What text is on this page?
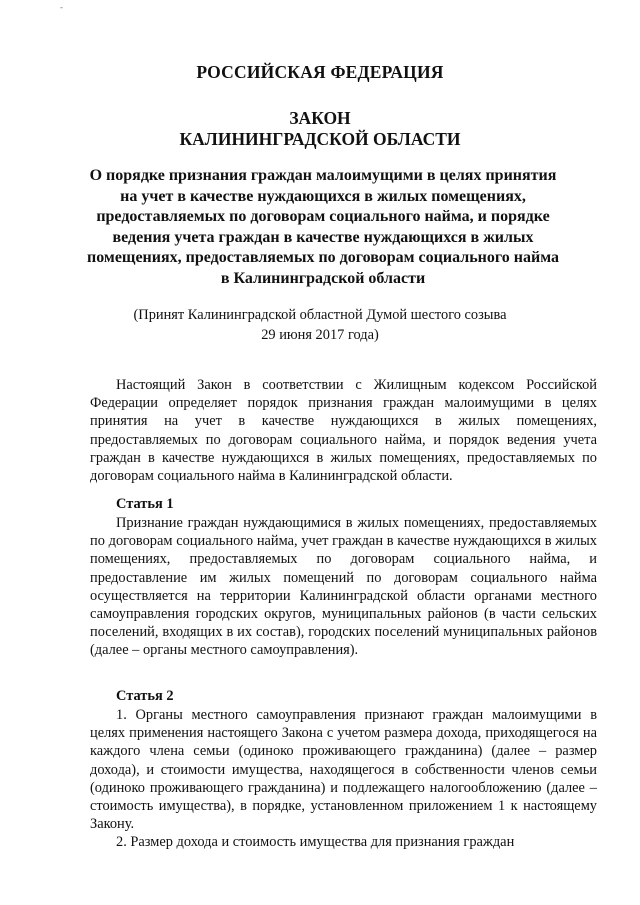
-
РОССИЙСКАЯ ФЕДЕРАЦИЯ
ЗАКОН
КАЛИНИНГРАДСКОЙ ОБЛАСТИ
О порядке признания граждан малоимущими в целях принятия на учет в качестве нуждающихся в жилых помещениях, предоставляемых по договорам социального найма, и порядке ведения учета граждан в качестве нуждающихся в жилых помещениях, предоставляемых по договорам социального найма в Калининградской области
(Принят Калининградской областной Думой шестого созыва
29 июня 2017 года)

Настоящий Закон в соответствии с Жилищным кодексом Российской Федерации определяет порядок признания граждан малоимущими в целях принятия на учет в качестве нуждающихся в жилых помещениях, предоставляемых по договорам социального найма, и порядок ведения учета граждан в качестве нуждающихся в жилых помещениях, предоставляемых по договорам социального найма в Калининградской области.

Статья 1

Признание граждан нуждающимися в жилых помещениях, предоставляемых по договорам социального найма, учет граждан в качестве нуждающихся в жилых помещениях, предоставляемых по договорам социального найма, и предоставление им жилых помещений по договорам социального найма осуществляется на территории Калининградской области органами местного самоуправления городских округов, муниципальных районов (в части сельских поселений, входящих в их состав), городских поселений муниципальных районов (далее – органы местного самоуправления).

Статья 2

1. Органы местного самоуправления признают граждан малоимущими в целях применения настоящего Закона с учетом размера дохода, приходящегося на каждого члена семьи (одиноко проживающего гражданина) (далее – размер дохода), и стоимости имущества, находящегося в собственности членов семьи (одиноко проживающего гражданина) и подлежащего налогообложению (далее – стоимость имущества), в порядке, установленном приложением 1 к настоящему Закону.

2. Размер дохода и стоимость имущества для признания граждан
